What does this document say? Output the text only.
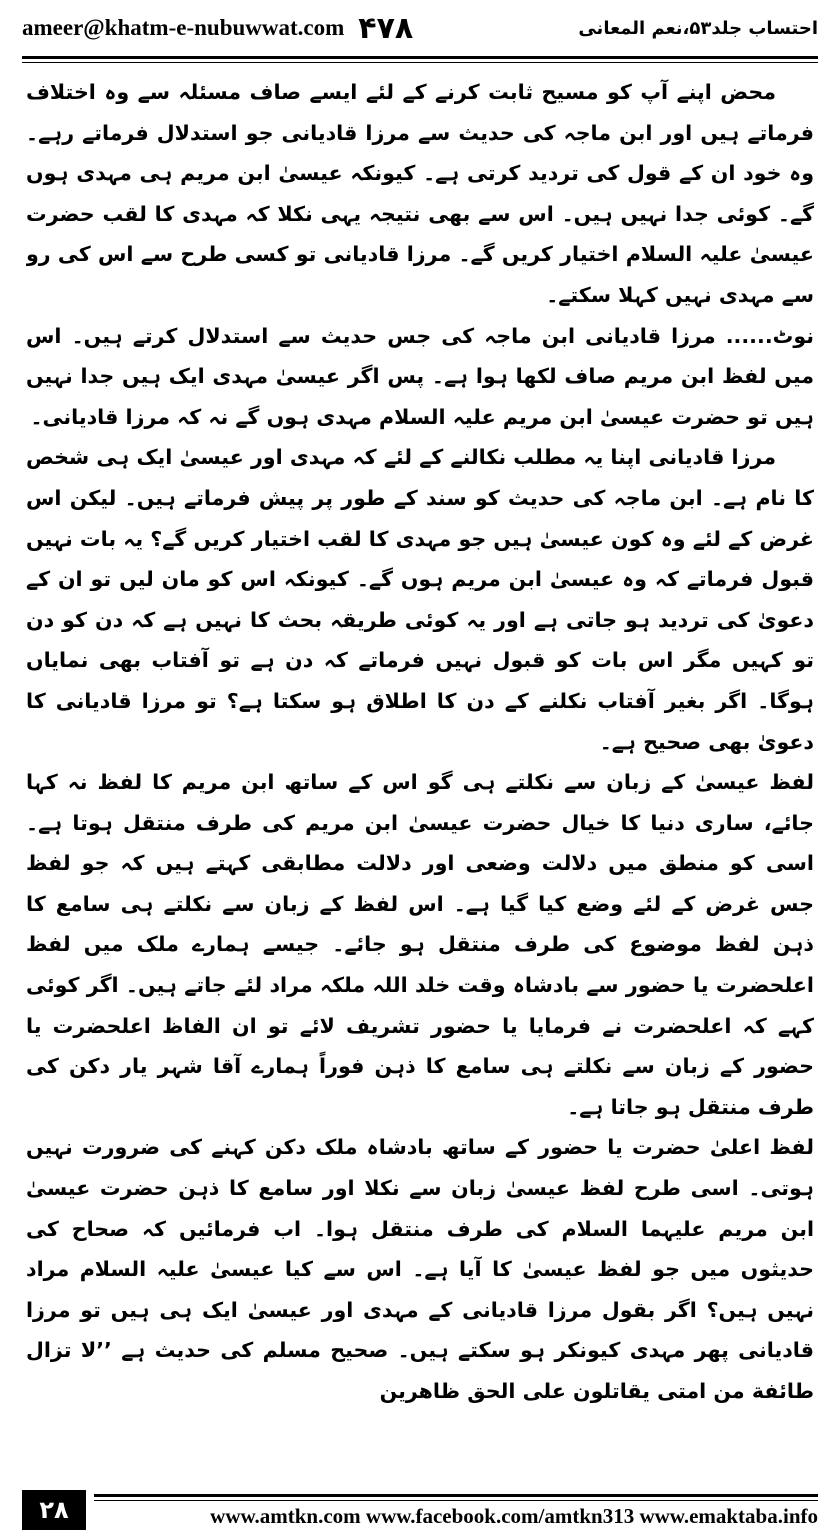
ameer@khatm-e-nubuwwat.com ۴۷۸	احتساب جلد۵۳،نعم المعانی

محض اپنے آپ کو مسیح ثابت کرنے کے لئے ایسے صاف مسئلہ سے وہ اختلاف فرماتے ہیں اور ابن ماجہ کی حدیث سے مرزا قادیانی جو استدلال فرماتے رہے۔ وہ خود ان کے قول کی تردید کرتی ہے۔ کیونکہ عیسیٰ ابن مریم ہی مہدی ہوں گے۔ کوئی جدا نہیں ہیں۔ اس سے بھی نتیجہ یہی نکلا کہ مہدی کا لقب حضرت عیسیٰ علیہ السلام اختیار کریں گے۔ مرزا قادیانی تو کسی طرح سے اس کی رو سے مہدی نہیں کہلا سکتے۔

نوٹ...... مرزا قادیانی ابن ماجہ کی جس حدیث سے استدلال کرتے ہیں۔ اس میں لفظ ابن مریم صاف لکھا ہوا ہے۔ پس اگر عیسیٰ مہدی ایک ہیں جدا نہیں ہیں تو حضرت عیسیٰ ابن مریم علیہ السلام مہدی ہوں گے نہ کہ مرزا قادیانی۔

مرزا قادیانی اپنا یہ مطلب نکالنے کے لئے کہ مہدی اور عیسیٰ ایک ہی شخص کا نام ہے۔ ابن ماجہ کی حدیث کو سند کے طور پر پیش فرماتے ہیں۔ لیکن اس غرض کے لئے وہ کون عیسیٰ ہیں جو مہدی کا لقب اختیار کریں گے؟ یہ بات نہیں قبول فرماتے کہ وہ عیسیٰ ابن مریم ہوں گے۔ کیونکہ اس کو مان لیں تو ان کے دعویٰ کی تردید ہو جاتی ہے اور یہ کوئی طریقہ بحث کا نہیں ہے کہ دن کو دن تو کہیں مگر اس بات کو قبول نہیں فرماتے کہ دن ہے تو آفتاب بھی نمایاں ہوگا۔ اگر بغیر آفتاب نکلنے کے دن کا اطلاق ہو سکتا ہے؟ تو مرزا قادیانی کا دعویٰ بھی صحیح ہے۔

لفظ عیسیٰ کے زبان سے نکلتے ہی گو اس کے ساتھ ابن مریم کا لفظ نہ کہا جائے، ساری دنیا کا خیال حضرت عیسیٰ ابن مریم کی طرف منتقل ہوتا ہے۔ اسی کو منطق میں دلالت وضعی اور دلالت مطابقی کہتے ہیں کہ جو لفظ جس غرض کے لئے وضع کیا گیا ہے۔ اس لفظ کے زبان سے نکلتے ہی سامع کا ذہن لفظ موضوع کی طرف منتقل ہو جائے۔ جیسے ہمارے ملک میں لفظ اعلحضرت یا حضور سے بادشاہ وقت خلد اللہ ملکہ مراد لئے جاتے ہیں۔ اگر کوئی کہے کہ اعلحضرت نے فرمایا یا حضور تشریف لائے تو ان الفاظ اعلحضرت یا حضور کے زبان سے نکلتے ہی سامع کا ذہن فوراً ہمارے آقا شہر یار دکن کی طرف منتقل ہو جاتا ہے۔

لفظ اعلیٰ حضرت یا حضور کے ساتھ بادشاہ ملک دکن کہنے کی ضرورت نہیں ہوتی۔ اسی طرح لفظ عیسیٰ زبان سے نکلا اور سامع کا ذہن حضرت عیسیٰ ابن مریم علیہما السلام کی طرف منتقل ہوا۔ اب فرمائیں کہ صحاح کی حدیثوں میں جو لفظ عیسیٰ کا آیا ہے۔ اس سے کیا عیسیٰ علیہ السلام مراد نہیں ہیں؟ اگر بقول مرزا قادیانی کے مہدی اور عیسیٰ ایک ہی ہیں تو مرزا قادیانی پھر مہدی کیونکر ہو سکتے ہیں۔ صحیح مسلم کی حدیث ہے ’’لا تزال طائفة من امتی یقاتلون علی الحق ظاهرین

۲۸	www.amtkn.com www.facebook.com/amtkn313 www.emaktaba.info
